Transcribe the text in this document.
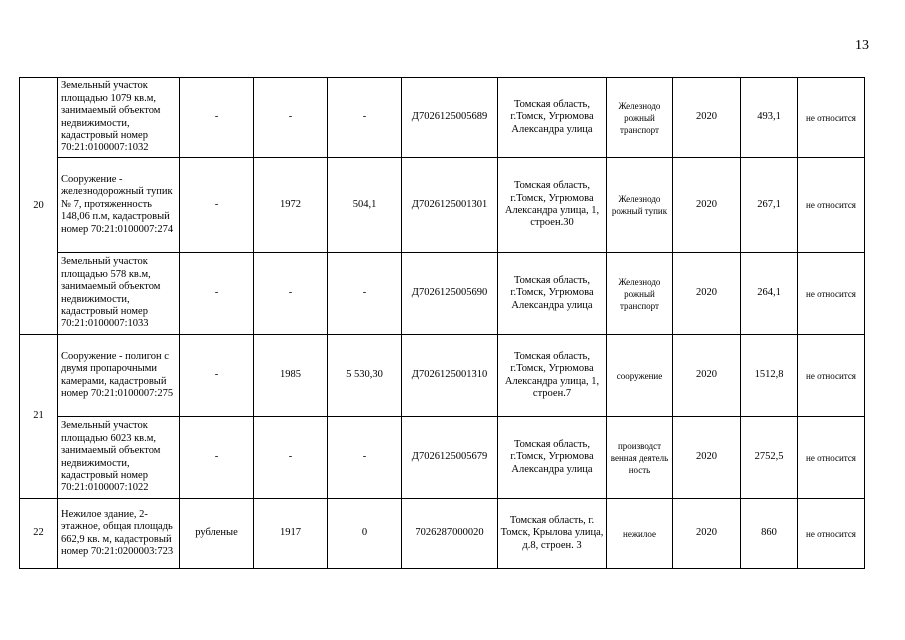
13
20	Земельный участок площадью 1079 кв.м, занимаемый объектом недвижимости, кадастровый номер 70:21:0100007:1032	-	-	-	Д7026125005689	Томская область, г.Томск, Угрюмова Александра улица	Железнодо рожный транспорт	2020	493,1	не относится
	Сооружение - железнодорожный тупик № 7, протяженность 148,06 п.м, кадастровый номер 70:21:0100007:274	-	1972	504,1	Д7026125001301	Томская область, г.Томск, Угрюмова Александра улица, 1, строен.30	Железнодо рожный тупик	2020	267,1	не относится
	Земельный участок площадью 578 кв.м, занимаемый объектом недвижимости, кадастровый номер 70:21:0100007:1033	-	-	-	Д7026125005690	Томская область, г.Томск, Угрюмова Александра улица	Железнодо рожный транспорт	2020	264,1	не относится
21	Сооружение - полигон с двумя пропарочными камерами, кадастровый номер 70:21:0100007:275	-	1985	5 530,30	Д7026125001310	Томская область, г.Томск, Угрюмова Александра улица, 1, строен.7	сооружение	2020	1512,8	не относится
	Земельный участок площадью 6023 кв.м, занимаемый объектом недвижимости, кадастровый номер 70:21:0100007:1022	-	-	-	Д7026125005679	Томская область, г.Томск, Угрюмова Александра улица	производст венная деятель ность	2020	2752,5	не относится
22	Нежилое здание, 2-этажное, общая площадь 662,9 кв. м, кадастровый номер 70:21:0200003:723	рубленые	1917	0	7026287000020	Томская область, г. Томск, Крылова улица, д.8, строен. 3	нежилое	2020	860	не относится
